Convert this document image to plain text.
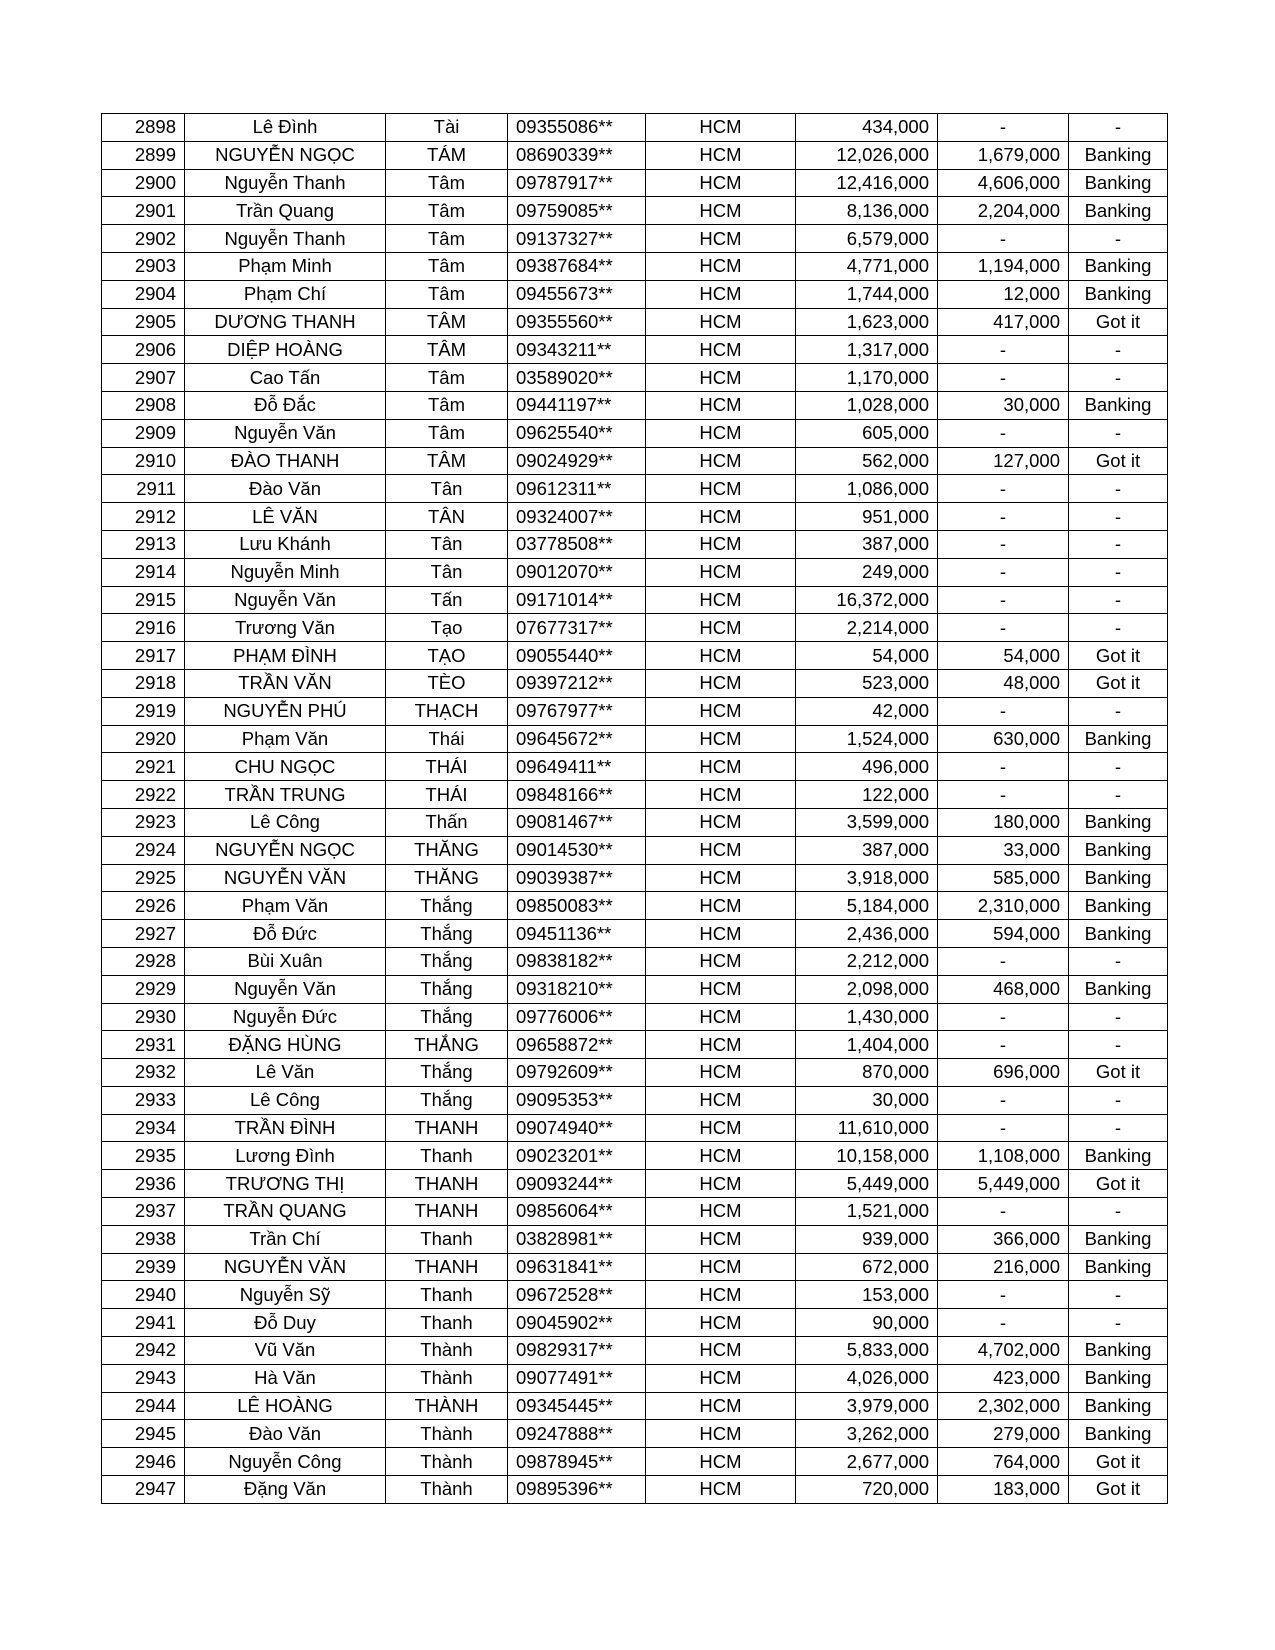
2898	Lê Đình	Tài	09355086**	HCM	434,000	-	-
2899	NGUYỄN NGỌC	TÁM	08690339**	HCM	12,026,000	1,679,000	Banking
2900	Nguyễn Thanh	Tâm	09787917**	HCM	12,416,000	4,606,000	Banking
2901	Trần Quang	Tâm	09759085**	HCM	8,136,000	2,204,000	Banking
2902	Nguyễn Thanh	Tâm	09137327**	HCM	6,579,000	-	-
2903	Phạm Minh	Tâm	09387684**	HCM	4,771,000	1,194,000	Banking
2904	Phạm Chí	Tâm	09455673**	HCM	1,744,000	12,000	Banking
2905	DƯƠNG THANH	TÂM	09355560**	HCM	1,623,000	417,000	Got it
2906	DIỆP HOÀNG	TÂM	09343211**	HCM	1,317,000	-	-
2907	Cao Tấn	Tâm	03589020**	HCM	1,170,000	-	-
2908	Đỗ Đắc	Tâm	09441197**	HCM	1,028,000	30,000	Banking
2909	Nguyễn Văn	Tâm	09625540**	HCM	605,000	-	-
2910	ĐÀO THANH	TÂM	09024929**	HCM	562,000	127,000	Got it
2911	Đào Văn	Tân	09612311**	HCM	1,086,000	-	-
2912	LÊ VĂN	TÂN	09324007**	HCM	951,000	-	-
2913	Lưu Khánh	Tân	03778508**	HCM	387,000	-	-
2914	Nguyễn Minh	Tân	09012070**	HCM	249,000	-	-
2915	Nguyễn Văn	Tấn	09171014**	HCM	16,372,000	-	-
2916	Trương Văn	Tạo	07677317**	HCM	2,214,000	-	-
2917	PHẠM ĐÌNH	TẠO	09055440**	HCM	54,000	54,000	Got it
2918	TRẦN VĂN	TÈO	09397212**	HCM	523,000	48,000	Got it
2919	NGUYỄN PHÚ	THẠCH	09767977**	HCM	42,000	-	-
2920	Phạm Văn	Thái	09645672**	HCM	1,524,000	630,000	Banking
2921	CHU NGỌC	THÁI	09649411**	HCM	496,000	-	-
2922	TRẦN TRUNG	THÁI	09848166**	HCM	122,000	-	-
2923	Lê Công	Thấn	09081467**	HCM	3,599,000	180,000	Banking
2924	NGUYỄN NGỌC	THĂNG	09014530**	HCM	387,000	33,000	Banking
2925	NGUYỄN VĂN	THĂNG	09039387**	HCM	3,918,000	585,000	Banking
2926	Phạm Văn	Thắng	09850083**	HCM	5,184,000	2,310,000	Banking
2927	Đỗ Đức	Thắng	09451136**	HCM	2,436,000	594,000	Banking
2928	Bùi Xuân	Thắng	09838182**	HCM	2,212,000	-	-
2929	Nguyễn Văn	Thắng	09318210**	HCM	2,098,000	468,000	Banking
2930	Nguyễn Đức	Thắng	09776006**	HCM	1,430,000	-	-
2931	ĐẶNG HÙNG	THẮNG	09658872**	HCM	1,404,000	-	-
2932	Lê Văn	Thắng	09792609**	HCM	870,000	696,000	Got it
2933	Lê Công	Thắng	09095353**	HCM	30,000	-	-
2934	TRẦN ĐÌNH	THANH	09074940**	HCM	11,610,000	-	-
2935	Lương Đình	Thanh	09023201**	HCM	10,158,000	1,108,000	Banking
2936	TRƯƠNG THỊ	THANH	09093244**	HCM	5,449,000	5,449,000	Got it
2937	TRẦN QUANG	THANH	09856064**	HCM	1,521,000	-	-
2938	Trần Chí	Thanh	03828981**	HCM	939,000	366,000	Banking
2939	NGUYỄN VĂN	THANH	09631841**	HCM	672,000	216,000	Banking
2940	Nguyễn Sỹ	Thanh	09672528**	HCM	153,000	-	-
2941	Đỗ Duy	Thanh	09045902**	HCM	90,000	-	-
2942	Vũ Văn	Thành	09829317**	HCM	5,833,000	4,702,000	Banking
2943	Hà Văn	Thành	09077491**	HCM	4,026,000	423,000	Banking
2944	LÊ HOÀNG	THÀNH	09345445**	HCM	3,979,000	2,302,000	Banking
2945	Đào Văn	Thành	09247888**	HCM	3,262,000	279,000	Banking
2946	Nguyễn Công	Thành	09878945**	HCM	2,677,000	764,000	Got it
2947	Đặng Văn	Thành	09895396**	HCM	720,000	183,000	Got it
